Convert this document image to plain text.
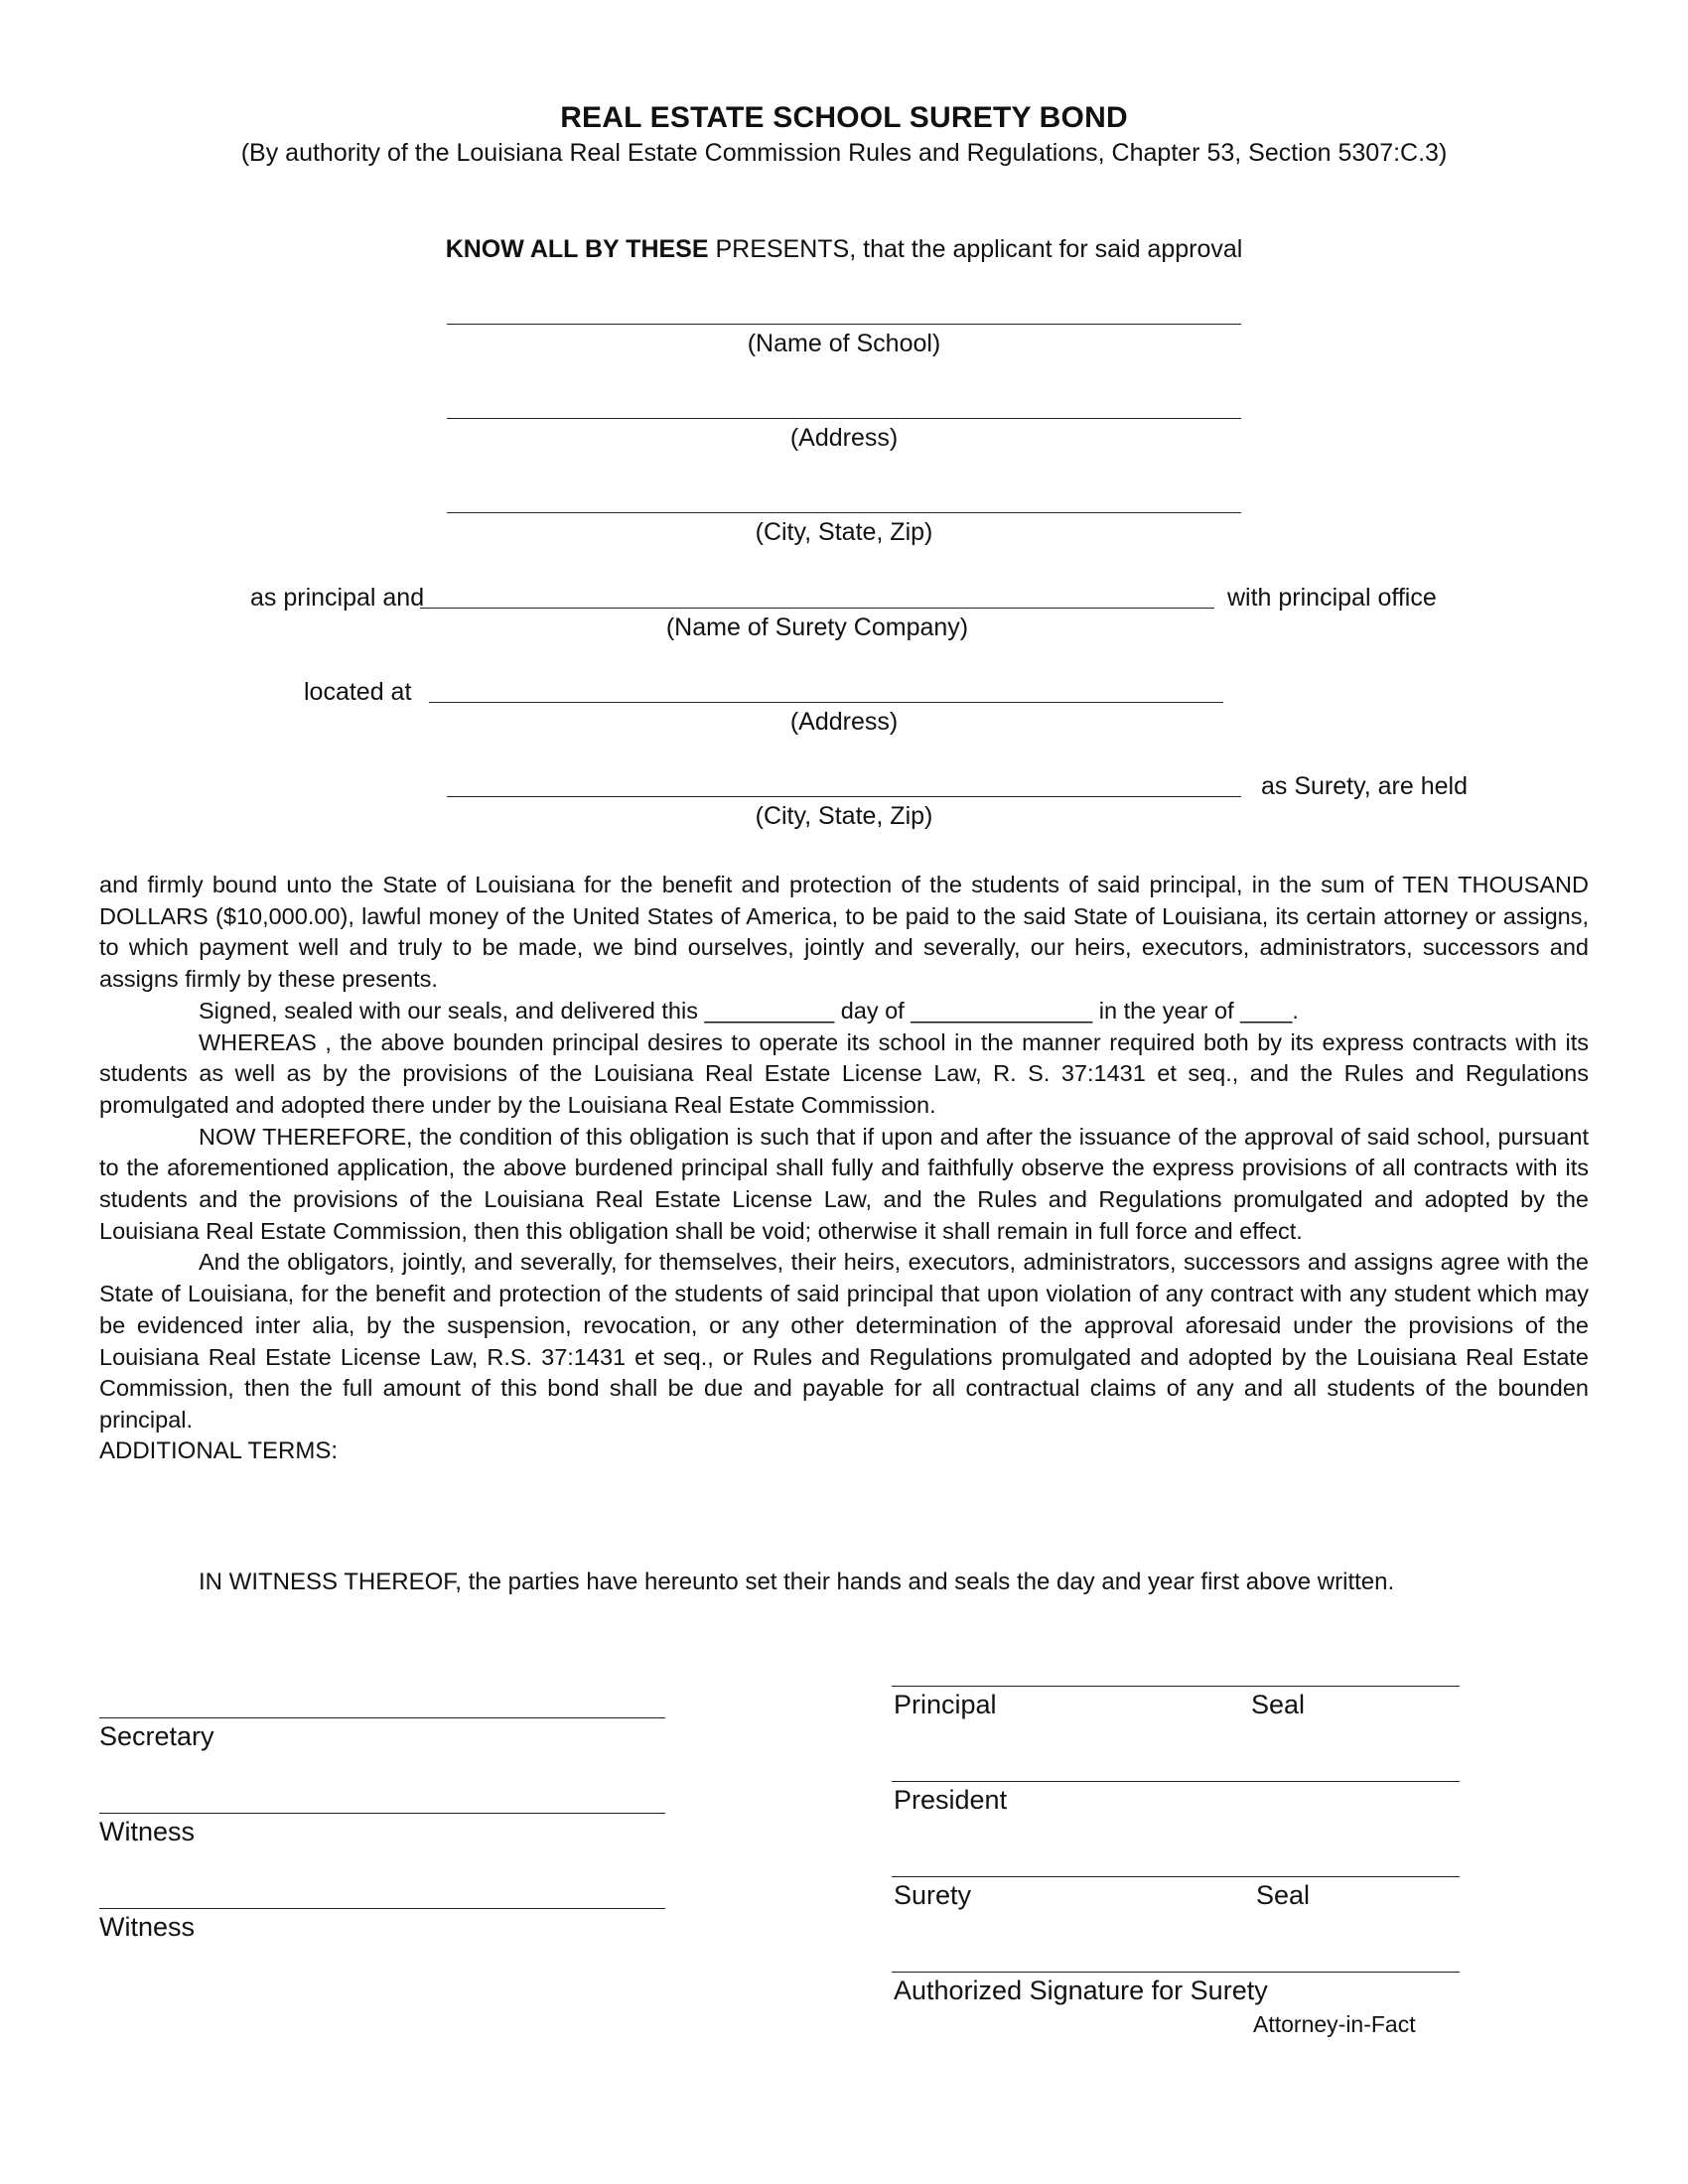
REAL ESTATE SCHOOL SURETY BOND
(By authority of the Louisiana Real Estate Commission Rules and Regulations, Chapter 53, Section 5307:C.3)
KNOW ALL BY THESE PRESENTS, that the applicant for said approval
(Name of School)
(Address)
(City, State, Zip)
as principal and	with principal office
(Name of Surety Company)
located at
(Address)
as Surety, are held
(City, State, Zip)

and firmly bound unto the State of Louisiana for the benefit and protection of the students of said principal, in the sum of TEN THOUSAND DOLLARS ($10,000.00), lawful money of the United States of America, to be paid to the said State of Louisiana, its certain attorney or assigns, to which payment well and truly to be made, we bind ourselves, jointly and severally, our heirs, executors, administrators, successors and assigns firmly by these presents.

Signed, sealed with our seals, and delivered this __________ day of ______________ in the year of ____.

WHEREAS , the above bounden principal desires to operate its school in the manner required both by its express contracts with its students as well as by the provisions of the Louisiana Real Estate License Law, R. S. 37:1431 et seq., and the Rules and Regulations promulgated and adopted there under by the Louisiana Real Estate Commission.

NOW THEREFORE, the condition of this obligation is such that if upon and after the issuance of the approval of said school, pursuant to the aforementioned application, the above burdened principal shall fully and faithfully observe the express provisions of all contracts with its students and the provisions of the Louisiana Real Estate License Law, and the Rules and Regulations promulgated and adopted by the Louisiana Real Estate Commission, then this obligation shall be void; otherwise it shall remain in full force and effect.

And the obligators, jointly, and severally, for themselves, their heirs, executors, administrators, successors and assigns agree with the State of Louisiana, for the benefit and protection of the students of said principal that upon violation of any contract with any student which may be evidenced inter alia, by the suspension, revocation, or any other determination of the approval aforesaid under the provisions of the Louisiana Real Estate License Law, R.S. 37:1431 et seq., or Rules and Regulations promulgated and adopted by the Louisiana Real Estate Commission, then the full amount of this bond shall be due and payable for all contractual claims of any and all students of the bounden principal.

ADDITIONAL TERMS:
IN WITNESS THEREOF, the parties have hereunto set their hands and seals the day and year first above written.
Secretary
Witness
Witness
Principal	Seal
President
Surety	Seal
Authorized Signature for Surety
Attorney-in-Fact
